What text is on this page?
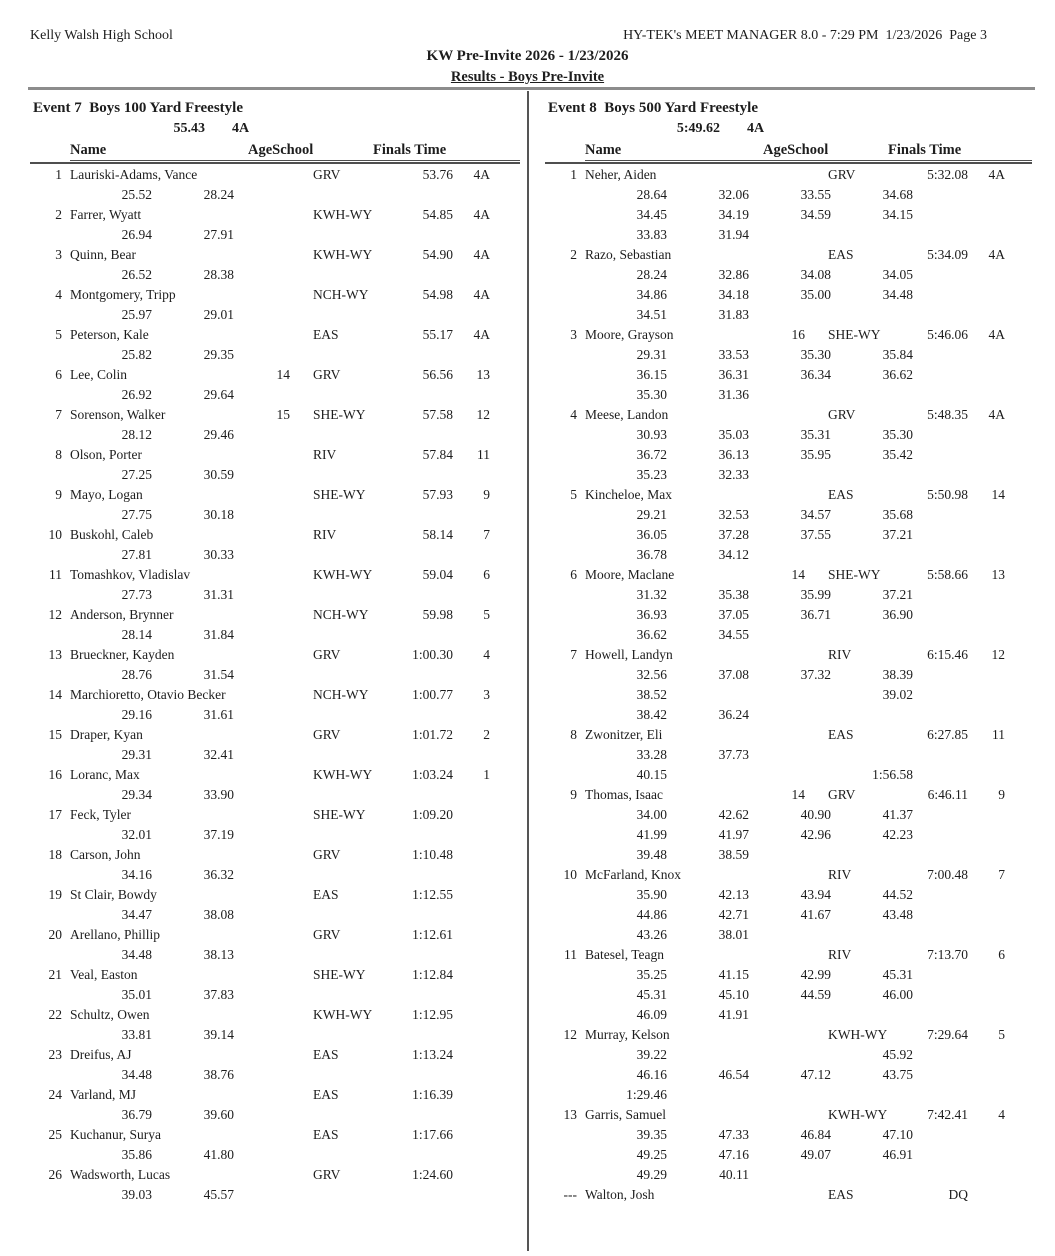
Kelly Walsh High School	HY-TEK's MEET MANAGER 8.0 - 7:29 PM  1/23/2026  Page 3
KW Pre-Invite 2026 - 1/23/2026
Results - Boys Pre-Invite
Event 7  Boys 100 Yard Freestyle
55.43 4A
Name	AgeSchool	Finals Time
1 Lauriski-Adams, Vance	GRV	53.76	4A
25.52	28.24
2 Farrer, Wyatt	KWH-WY	54.85	4A
26.94	27.91
3 Quinn, Bear	KWH-WY	54.90	4A
26.52	28.38
4 Montgomery, Tripp	NCH-WY	54.98	4A
25.97	29.01
5 Peterson, Kale	EAS	55.17	4A
25.82	29.35
6 Lee, Colin	14 GRV	56.56	13
26.92	29.64
7 Sorenson, Walker	15 SHE-WY	57.58	12
28.12	29.46
8 Olson, Porter	RIV	57.84	11
27.25	30.59
9 Mayo, Logan	SHE-WY	57.93	9
27.75	30.18
10 Buskohl, Caleb	RIV	58.14	7
27.81	30.33
11 Tomashkov, Vladislav	KWH-WY	59.04	6
27.73	31.31
12 Anderson, Brynner	NCH-WY	59.98	5
28.14	31.84
13 Brueckner, Kayden	GRV	1:00.30	4
28.76	31.54
14 Marchioretto, Otavio Becker	NCH-WY	1:00.77	3
29.16	31.61
15 Draper, Kyan	GRV	1:01.72	2
29.31	32.41
16 Loranc, Max	KWH-WY	1:03.24	1
29.34	33.90
17 Feck, Tyler	SHE-WY	1:09.20
32.01	37.19
18 Carson, John	GRV	1:10.48
34.16	36.32
19 St Clair, Bowdy	EAS	1:12.55
34.47	38.08
20 Arellano, Phillip	GRV	1:12.61
34.48	38.13
21 Veal, Easton	SHE-WY	1:12.84
35.01	37.83
22 Schultz, Owen	KWH-WY	1:12.95
33.81	39.14
23 Dreifus, AJ	EAS	1:13.24
34.48	38.76
24 Varland, MJ	EAS	1:16.39
36.79	39.60
25 Kuchanur, Surya	EAS	1:17.66
35.86	41.80
26 Wadsworth, Lucas	GRV	1:24.60
39.03	45.57
Event 8  Boys 500 Yard Freestyle
5:49.62 4A
Name	AgeSchool	Finals Time
1 Neher, Aiden	GRV	5:32.08	4A
28.64	32.06	33.55	34.68
34.45	34.19	34.59	34.15
33.83	31.94
2 Razo, Sebastian	EAS	5:34.09	4A
28.24	32.86	34.08	34.05
34.86	34.18	35.00	34.48
34.51	31.83
3 Moore, Grayson	16 SHE-WY	5:46.06	4A
29.31	33.53	35.30	35.84
36.15	36.31	36.34	36.62
35.30	31.36
4 Meese, Landon	GRV	5:48.35	4A
30.93	35.03	35.31	35.30
36.72	36.13	35.95	35.42
35.23	32.33
5 Kincheloe, Max	EAS	5:50.98	14
29.21	32.53	34.57	35.68
36.05	37.28	37.55	37.21
36.78	34.12
6 Moore, Maclane	14 SHE-WY	5:58.66	13
31.32	35.38	35.99	37.21
36.93	37.05	36.71	36.90
36.62	34.55
7 Howell, Landyn	RIV	6:15.46	12
32.56	37.08	37.32	38.39
38.52	39.02
38.42	36.24
8 Zwonitzer, Eli	EAS	6:27.85	11
33.28	37.73
40.15	1:56.58
9 Thomas, Isaac	14 GRV	6:46.11	9
34.00	42.62	40.90	41.37
41.99	41.97	42.96	42.23
39.48	38.59
10 McFarland, Knox	RIV	7:00.48	7
35.90	42.13	43.94	44.52
44.86	42.71	41.67	43.48
43.26	38.01
11 Batesel, Teagn	RIV	7:13.70	6
35.25	41.15	42.99	45.31
45.31	45.10	44.59	46.00
46.09	41.91
12 Murray, Kelson	KWH-WY	7:29.64	5
39.22	45.92
46.16	46.54	47.12	43.75
1:29.46
13 Garris, Samuel	KWH-WY	7:42.41	4
39.35	47.33	46.84	47.10
49.25	47.16	49.07	46.91
49.29	40.11
--- Walton, Josh	EAS	DQ
